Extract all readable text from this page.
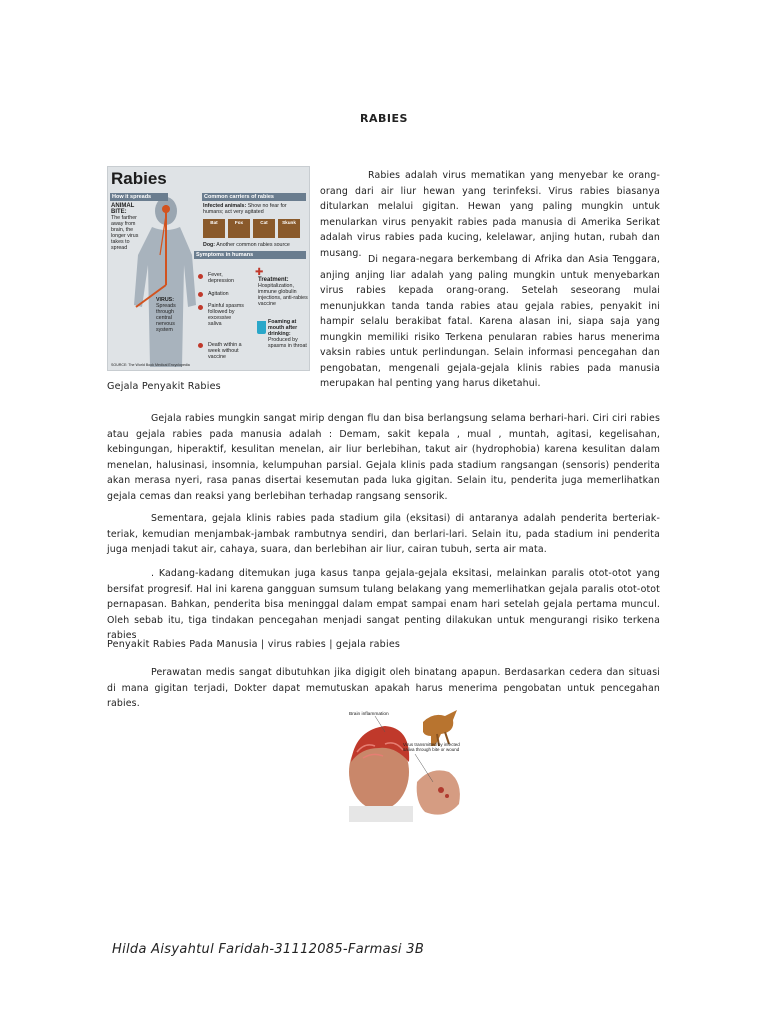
RABIES
Rabies
How it spreads
ANIMAL BITE:
The farther away from brain, the longer virus takes to spread
Common carriers of rabies
Infected animals: Show no fear for humans; act very agitated
Bat	Fox	Cat	Skunk
Dog: Another common rabies source
Symptoms in humans
Fever, depression
Agitation
Painful spasms followed by excessive saliva
Death within a week without vaccine
VIRUS:
Spreads through central nervous system
✚
Treatment:
Hospitalization, immune globulin injections, anti-rabies vaccine
Foaming at mouth after drinking: Produced by spasms in throat
SOURCE: The World Book Medical Encyclopedia

Rabies adalah virus mematikan yang menyebar ke orang-orang dari air liur hewan yang terinfeksi. Virus rabies biasanya ditularkan melalui gigitan. Hewan yang paling mungkin untuk menularkan virus penyakit rabies pada manusia di Amerika Serikat adalah virus rabies pada kucing, kelelawar, anjing hutan, rubah dan musang.

Di negara-negara berkembang di Afrika dan Asia Tenggara, anjing anjing liar adalah yang paling mungkin untuk menyebarkan virus rabies kepada orang-orang. Setelah seseorang mulai menunjukkan tanda tanda rabies atau gejala rabies, penyakit ini hampir selalu berakibat fatal. Karena alasan ini, siapa saja yang mungkin memiliki risiko Terkena penularan rabies harus menerima vaksin rabies untuk perlindungan. Selain informasi pencegahan dan pengobatan, mengenali gejala-gejala klinis rabies pada manusia merupakan hal penting yang harus diketahui.

Gejala Penyakit Rabies

Gejala rabies mungkin sangat mirip dengan flu dan bisa berlangsung selama berhari-hari. Ciri ciri rabies atau gejala rabies pada manusia adalah : Demam, sakit kepala , mual , muntah, agitasi, kegelisahan, kebingungan, hiperaktif, kesulitan menelan, air liur berlebihan, takut air (hydrophobia) karena kesulitan dalam menelan, halusinasi, insomnia, kelumpuhan parsial. Gejala klinis pada stadium rangsangan (sensoris) penderita akan merasa nyeri, rasa panas disertai kesemutan pada luka gigitan. Selain itu, penderita juga memerlihatkan gejala cemas dan reaksi yang berlebihan terhadap rangsang sensorik.

Sementara, gejala klinis rabies pada stadium gila (eksitasi) di antaranya adalah penderita berteriak-teriak, kemudian menjambak-jambak rambutnya sendiri, dan berlari-lari. Selain itu, pada stadium ini penderita juga menjadi takut air, cahaya, suara, dan berlebihan air liur, cairan tubuh, serta air mata.

. Kadang-kadang ditemukan juga kasus tanpa gejala-gejala eksitasi, melainkan paralis otot-otot yang bersifat progresif. Hal ini karena gangguan sumsum tulang belakang yang memerlihatkan gejala paralis otot-otot pernapasan. Bahkan, penderita bisa meninggal dalam empat sampai enam hari setelah gejala pertama muncul. Oleh sebab itu, tiga tindakan pencegahan menjadi sangat penting dilakukan untuk mengurangi risiko terkena rabies

Penyakit Rabies Pada Manusia | virus rabies | gejala rabies

Perawatan medis sangat dibutuhkan jika digigit oleh binatang apapun. Berdasarkan cedera dan situasi di mana gigitan terjadi, Dokter dapat memutuskan apakah harus menerima pengobatan untuk pencegahan rabies.

Brain inflammation
Virus transmitted by infected saliva through bite or wound
Hilda Aisyahtul Faridah-31112085-Farmasi 3B
